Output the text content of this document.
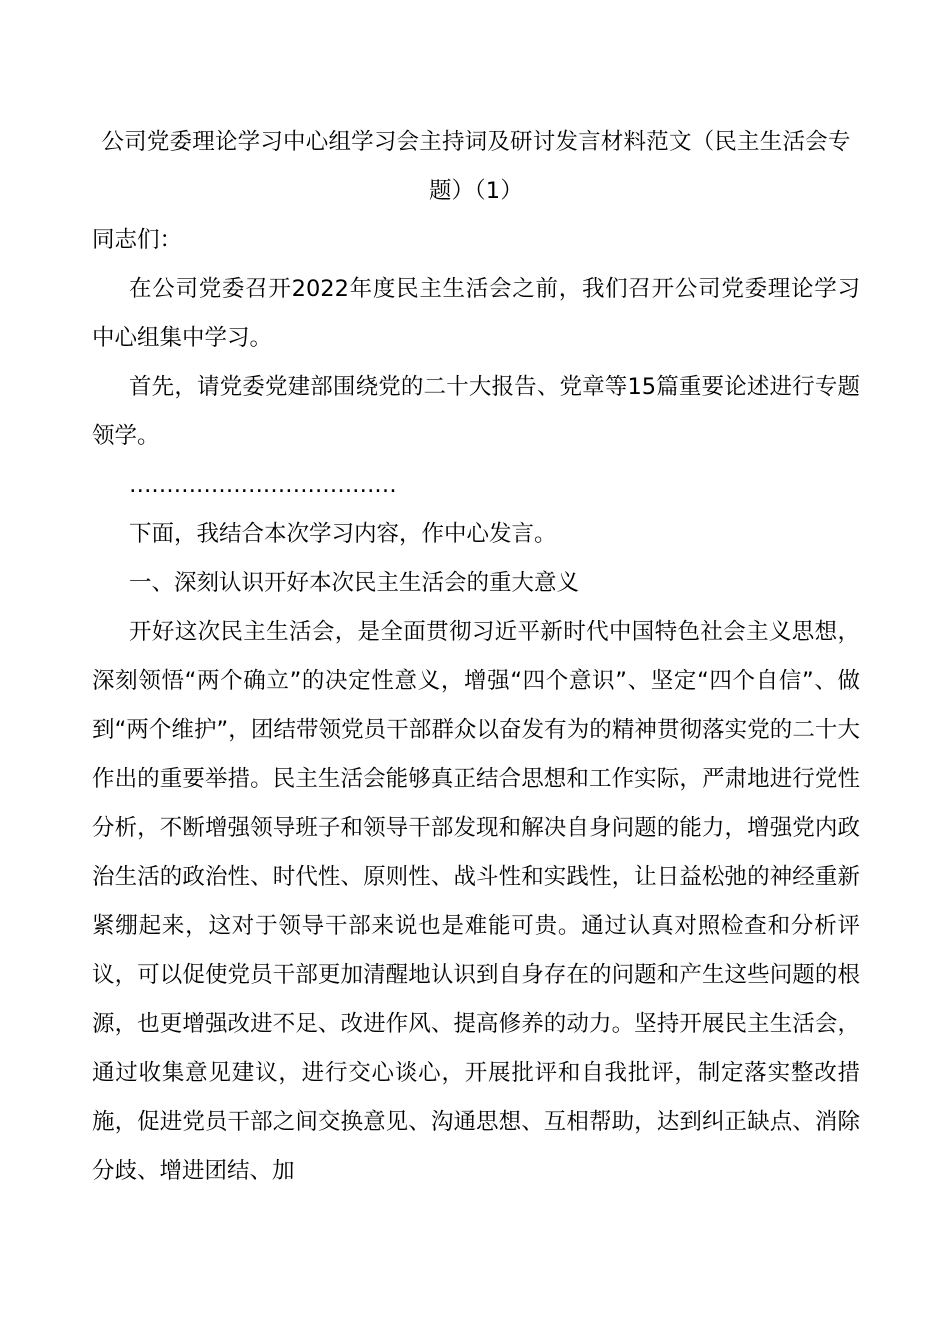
公司党委理论学习中心组学习会主持词及研讨发言材料范文（民主生活会专题）（1）

同志们：

在公司党委召开2022年度民主生活会之前，我们召开公司党委理论学习中心组集中学习。

首先，请党委党建部围绕党的二十大报告、党章等15篇重要论述进行专题领学。

………………………………

下面，我结合本次学习内容，作中心发言。

一、深刻认识开好本次民主生活会的重大意义

开好这次民主生活会，是全面贯彻习近平新时代中国特色社会主义思想，深刻领悟“两个确立”的决定性意义，增强“四个意识”、坚定“四个自信”、做到“两个维护”，团结带领党员干部群众以奋发有为的精神贯彻落实党的二十大作出的重要举措。民主生活会能够真正结合思想和工作实际，严肃地进行党性分析，不断增强领导班子和领导干部发现和解决自身问题的能力，增强党内政治生活的政治性、时代性、原则性、战斗性和实践性，让日益松弛的神经重新紧绷起来，这对于领导干部来说也是难能可贵。通过认真对照检查和分析评议，可以促使党员干部更加清醒地认识到自身存在的问题和产生这些问题的根源，也更增强改进不足、改进作风、提高修养的动力。坚持开展民主生活会，通过收集意见建议，进行交心谈心，开展批评和自我批评，制定落实整改措施，促进党员干部之间交换意见、沟通思想、互相帮助，达到纠正缺点、消除分歧、增进团结、加
